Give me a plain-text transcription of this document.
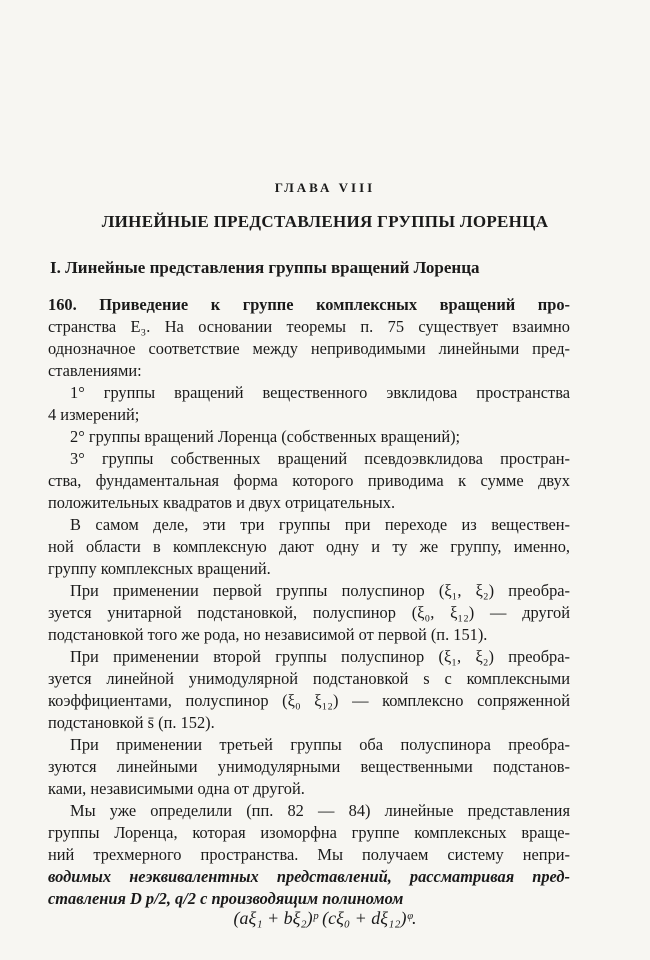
ГЛАВА VIII
ЛИНЕЙНЫЕ ПРЕДСТАВЛЕНИЯ ГРУППЫ ЛОРЕНЦА
I. Линейные представления группы вращений Лоренца
160. Приведение к группе комплексных вращений про-
странства E₃. На основании теоремы п. 75 существует взаимно
однозначное соответствие между неприводимыми линейными пред-
ставлениями:
1° группы вращений вещественного эвклидова пространства
4 измерений;
2° группы вращений Лоренца (собственных вращений);
3° группы собственных вращений псевдоэвклидова простран-
ства, фундаментальная форма которого приводима к сумме двух
положительных квадратов и двух отрицательных.
В самом деле, эти три группы при переходе из веществен-
ной области в комплексную дают одну и ту же группу, именно,
группу комплексных вращений.
При применении первой группы полуспинор (ξ₁, ξ₂) преобра-
зуется унитарной подстановкой, полуспинор (ξ₀, ξ₁₂) — другой
подстановкой того же рода, но независимой от первой (п. 151).
При применении второй группы полуспинор (ξ₁, ξ₂) преобра-
зуется линейной унимодулярной подстановкой s с комплексными
коэффициентами, полуспинор (ξ₀ ξ₁₂) — комплексно сопряженной
подстановкой s̄ (п. 152).
При применении третьей группы оба полуспинора преобра-
зуются линейными унимодулярными вещественными подстанов-
ками, независимыми одна от другой.
Мы уже определили (пп. 82 — 84) линейные представления
группы Лоренца, которая изоморфна группе комплексных враще-
ний трехмерного пространства. Мы получаем систему непри-
водимых неэквивалентных представлений, рассматривая пред-
ставления D p/2, q/2 с производящим полиномом
(aξ₁ + bξ₂)ᵖ (cξ₀ + dξ₁₂)ᵠ.
